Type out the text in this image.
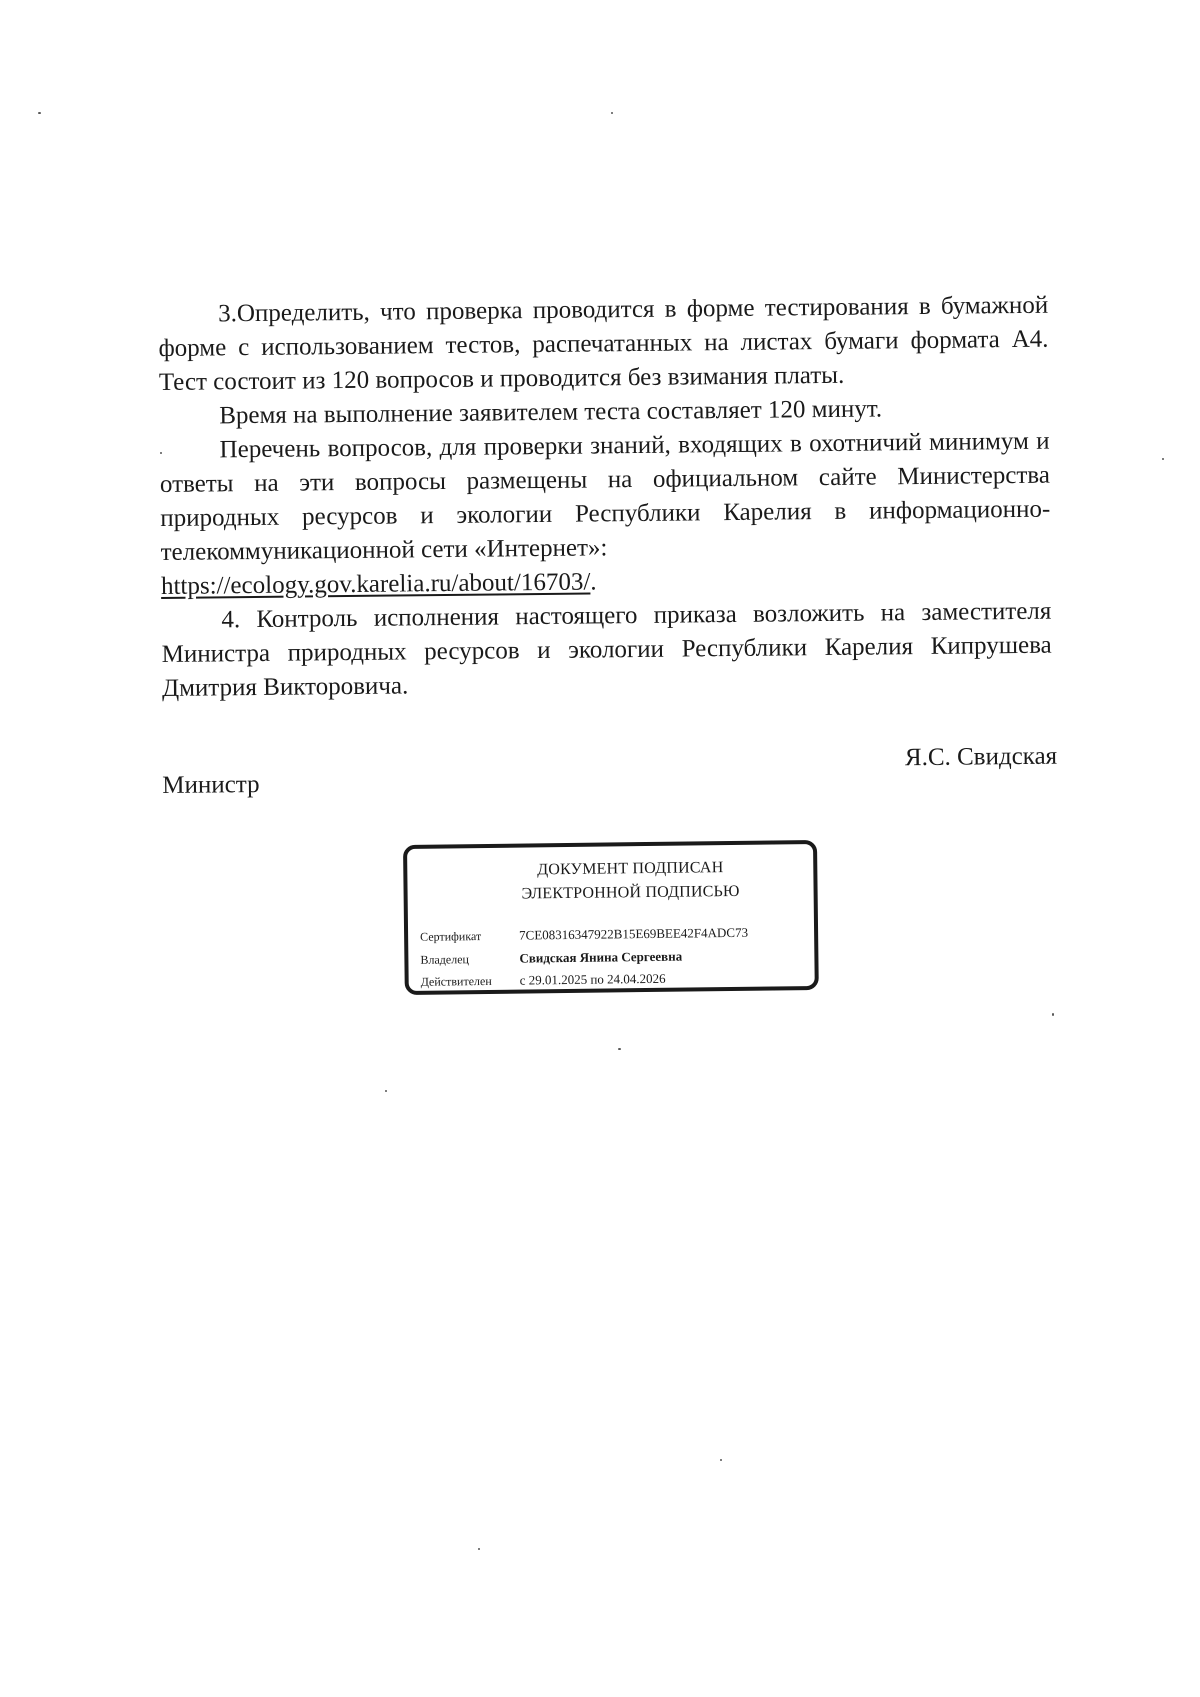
3.Определить, что проверка проводится в форме тестирования в бумажной форме с использованием тестов, распечатанных на листах бумаги формата А4. Тест состоит из 120 вопросов и проводится без взимания платы.

Время на выполнение заявителем теста составляет 120 минут.

Перечень вопросов, для проверки знаний, входящих в охотничий минимум и ответы на эти вопросы размещены на официальном сайте Министерства природных ресурсов и экологии Республики Карелия в информационно-телекоммуникационной сети «Интернет»:

https://ecology.gov.karelia.ru/about/16703/.

4. Контроль исполнения настоящего приказа возложить на заместителя Министра природных ресурсов и экологии Республики Карелия Кипрушева Дмитрия Викторовича.

Министр
Я.С. Свидская
ДОКУМЕНТ ПОДПИСАН
ЭЛЕКТРОННОЙ ПОДПИСЬЮ
Сертификат	7CE08316347922B15E69BEE42F4ADC73
Владелец	Свидская Янина Сергеевна
Действителен с 29.01.2025 по 24.04.2026
